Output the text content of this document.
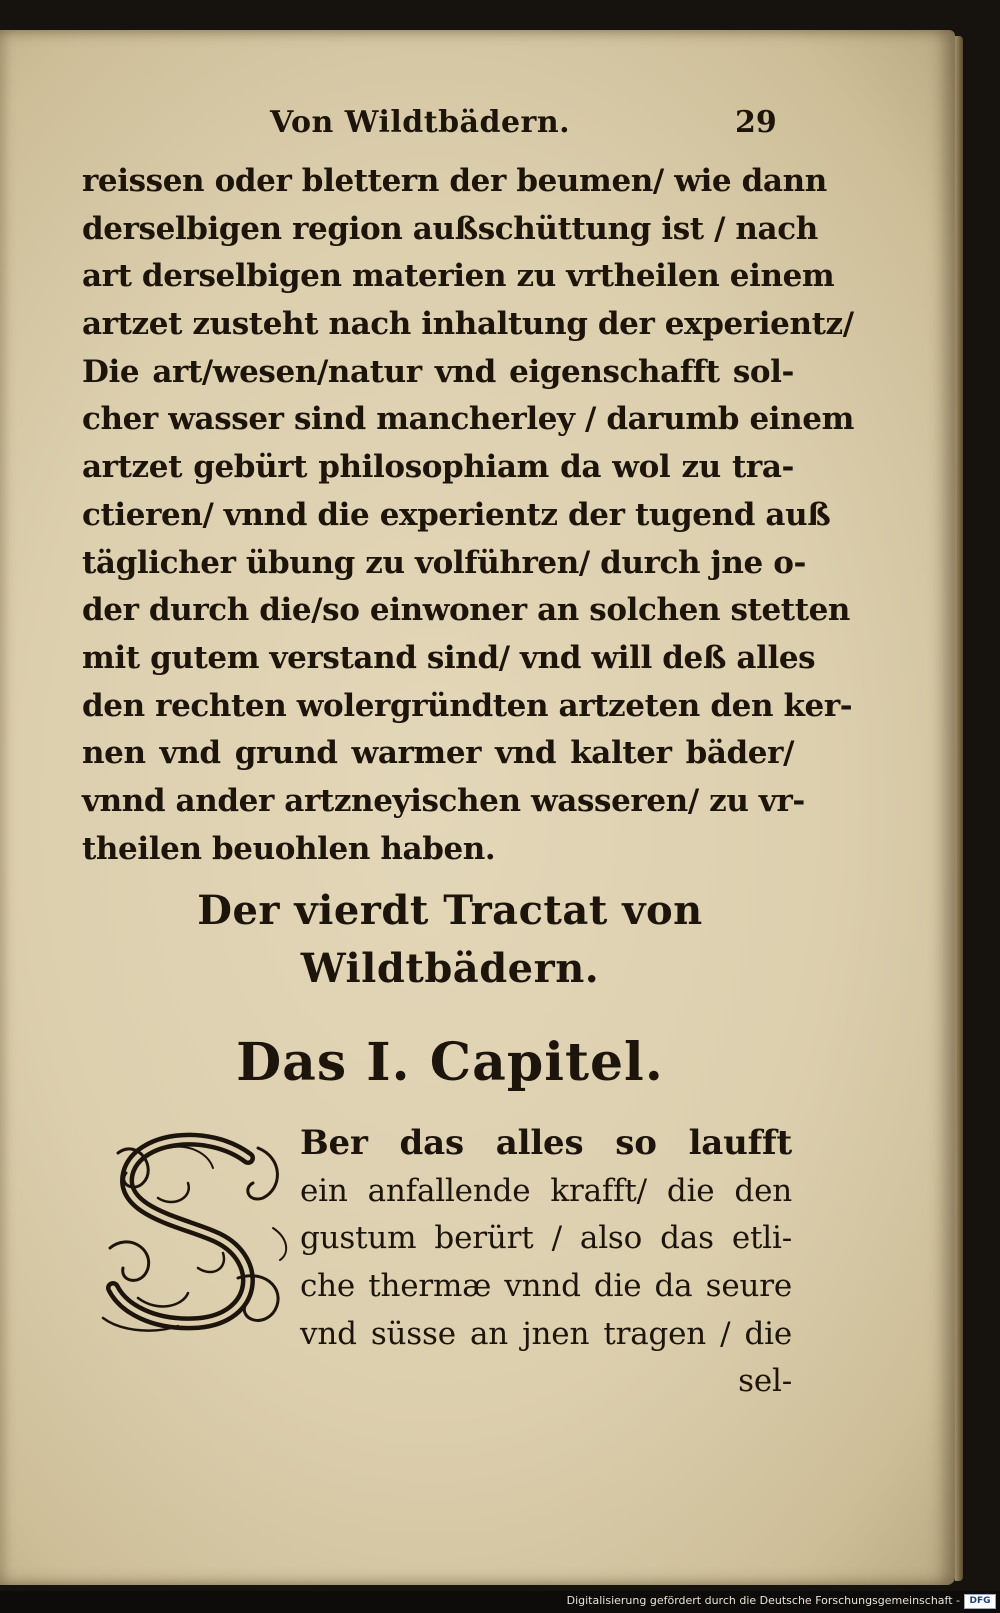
Von Wildtbädern.	29
reissen oder blettern der beumen/ wie dann
derselbigen region außschüttung ist / nach
art derselbigen materien zu vrtheilen einem
artzet zusteht nach inhaltung der experientz/
Die art/wesen/natur vnd eigenschafft sol-
cher wasser sind mancherley / darumb einem
artzet gebürt philosophiam da wol zu tra-
ctieren/ vnnd die experientz der tugend auß
täglicher übung zu volführen/ durch jne o-
der durch die/so einwoner an solchen stetten
mit gutem verstand sind/ vnd will deß alles
den rechten wolergründten artzeten den ker-
nen vnd grund warmer vnd kalter bäder/
vnnd ander artzneyischen wasseren/ zu vr-
theilen beuohlen haben.
Der vierdt Tractat von
Wildtbädern.
Das I. Capitel.
Ber das alles so laufft
ein anfallende krafft/ die den
gustum berürt / also das etli-
che thermæ vnnd die da seure
vnd süsse an jnen tragen / die
sel-
Digitalisierung gefördert durch die Deutsche Forschungsgemeinschaft -	DFG
